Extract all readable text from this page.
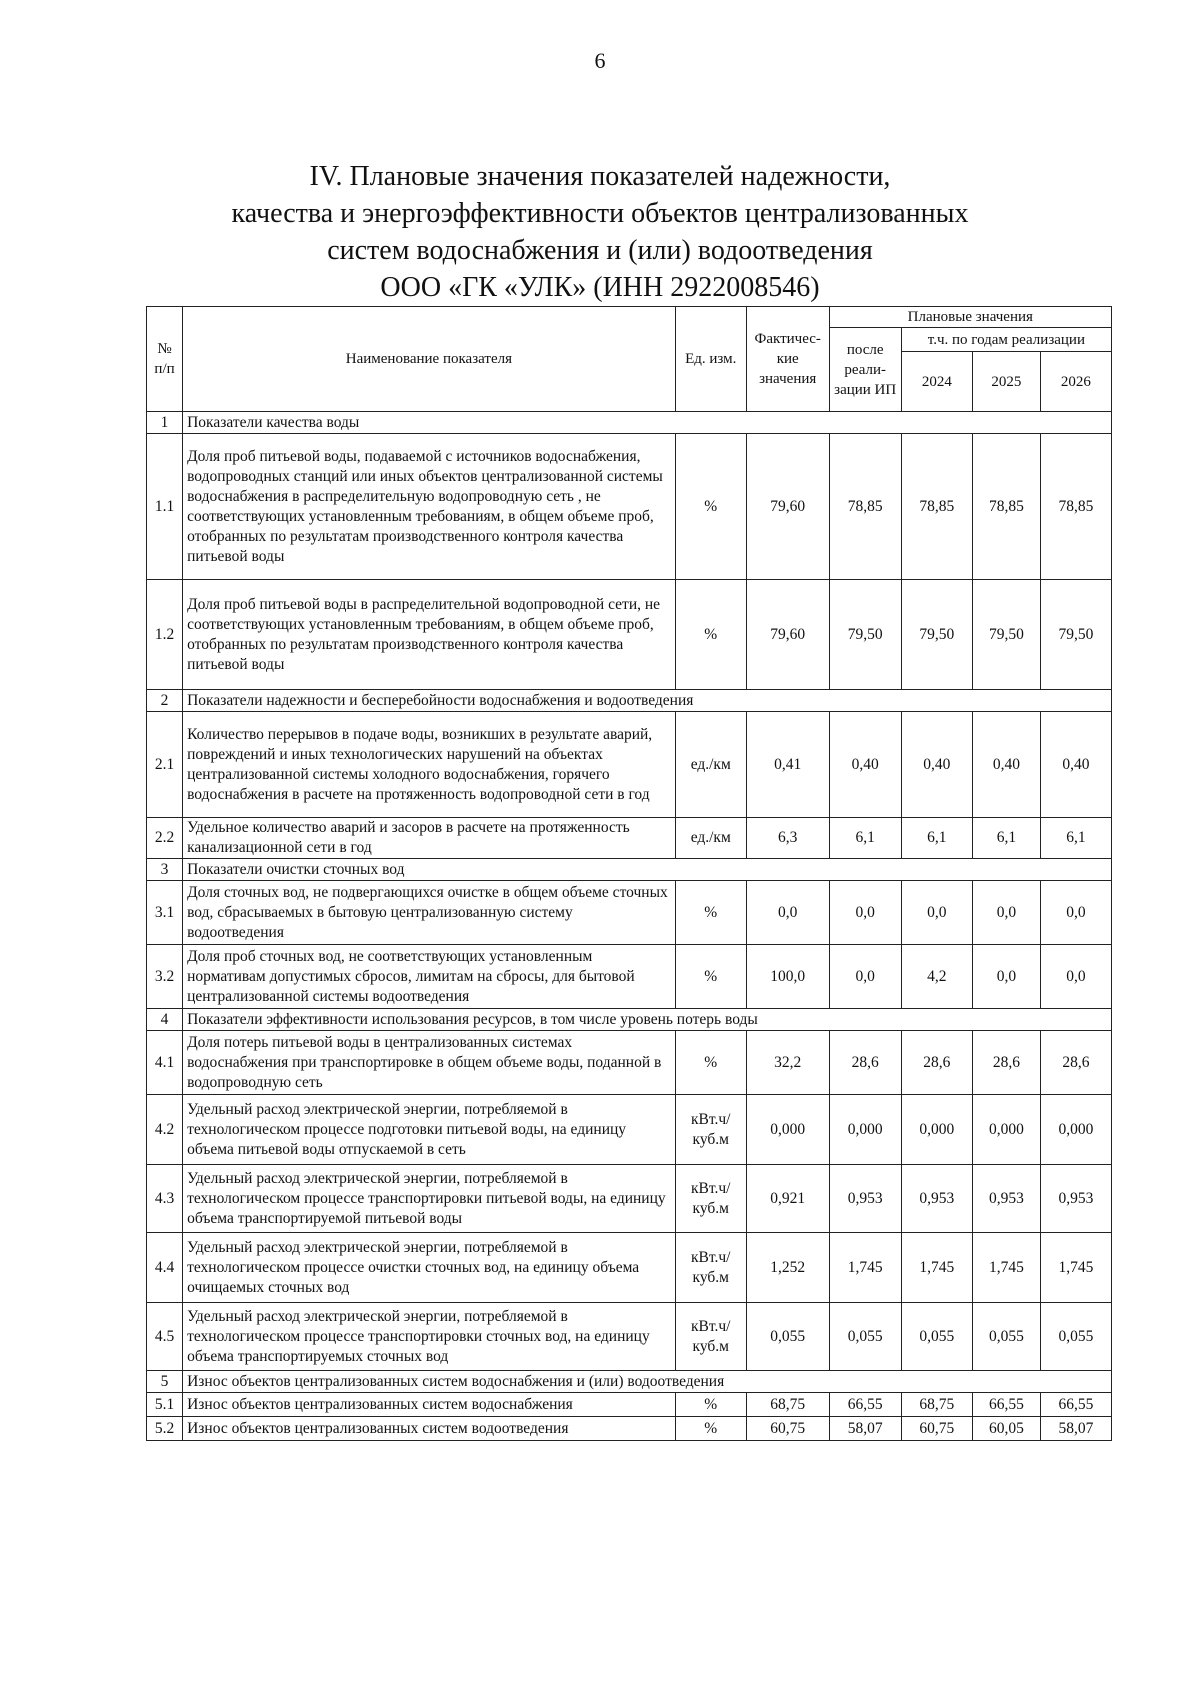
6
IV. Плановые значения показателей надежности,
качества и энергоэффективности объектов централизованных
систем водоснабжения и (или) водоотведения
ООО «ГК «УЛК» (ИНН 2922008546)
№ п/п	Наименование показателя	Ед. изм.	Фактичес-кие значения	Плановые значения			
				после реали-зации ИП	т.ч. по годам реализации		
					2024	2025	2026
1	Показатели качества воды						
1.1	Доля проб питьевой воды, подаваемой с источников водоснабжения, водопроводных станций или иных объектов централизованной системы водоснабжения в распределительную водопроводную сеть , не соответствующих установленным требованиям, в общем объеме проб, отобранных по результатам производственного контроля качества питьевой воды	%	79,60	78,85	78,85	78,85	78,85
1.2	Доля проб питьевой воды в распределительной водопроводной сети, не соответствующих установленным требованиям, в общем объеме проб, отобранных по результатам производственного контроля качества питьевой воды	%	79,60	79,50	79,50	79,50	79,50
2	Показатели надежности и бесперебойности водоснабжения и водоотведения						
2.1	Количество перерывов в подаче воды, возникших в результате аварий, повреждений и иных технологических нарушений на объектах централизованной системы холодного водоснабжения, горячего водоснабжения в расчете на протяженность водопроводной сети в год	ед./км	0,41	0,40	0,40	0,40	0,40
2.2	Удельное количество аварий и засоров в расчете на протяженность канализационной сети в год	ед./км	6,3	6,1	6,1	6,1	6,1
3	Показатели очистки сточных вод						
3.1	Доля сточных вод, не подвергающихся очистке в общем объеме сточных вод, сбрасываемых в бытовую централизованную систему водоотведения	%	0,0	0,0	0,0	0,0	0,0
3.2	Доля проб сточных вод, не соответствующих установленным нормативам допустимых сбросов, лимитам на сбросы, для бытовой централизованной системы водоотведения	%	100,0	0,0	4,2	0,0	0,0
4	Показатели эффективности использования ресурсов, в том числе уровень потерь воды						
4.1	Доля потерь питьевой воды в централизованных системах водоснабжения при транспортировке в общем объеме воды, поданной в водопроводную сеть	%	32,2	28,6	28,6	28,6	28,6
4.2	Удельный расход электрической энергии, потребляемой в технологическом процессе подготовки питьевой воды, на единицу объема питьевой воды отпускаемой в сеть	кВт.ч/ куб.м	0,000	0,000	0,000	0,000	0,000
4.3	Удельный расход электрической энергии, потребляемой в технологическом процессе транспортировки питьевой воды, на единицу объема транспортируемой питьевой воды	кВт.ч/ куб.м	0,921	0,953	0,953	0,953	0,953
4.4	Удельный расход электрической энергии, потребляемой в технологическом процессе очистки сточных вод, на единицу объема очищаемых сточных вод	кВт.ч/ куб.м	1,252	1,745	1,745	1,745	1,745
4.5	Удельный расход электрической энергии, потребляемой в технологическом процессе транспортировки сточных вод, на единицу объема транспортируемых сточных вод	кВт.ч/ куб.м	0,055	0,055	0,055	0,055	0,055
5	Износ объектов централизованных систем водоснабжения и (или) водоотведения						
5.1	Износ объектов централизованных систем водоснабжения	%	68,75	66,55	68,75	66,55	66,55
5.2	Износ объектов централизованных систем водоотведения	%	60,75	58,07	60,75	60,05	58,07
